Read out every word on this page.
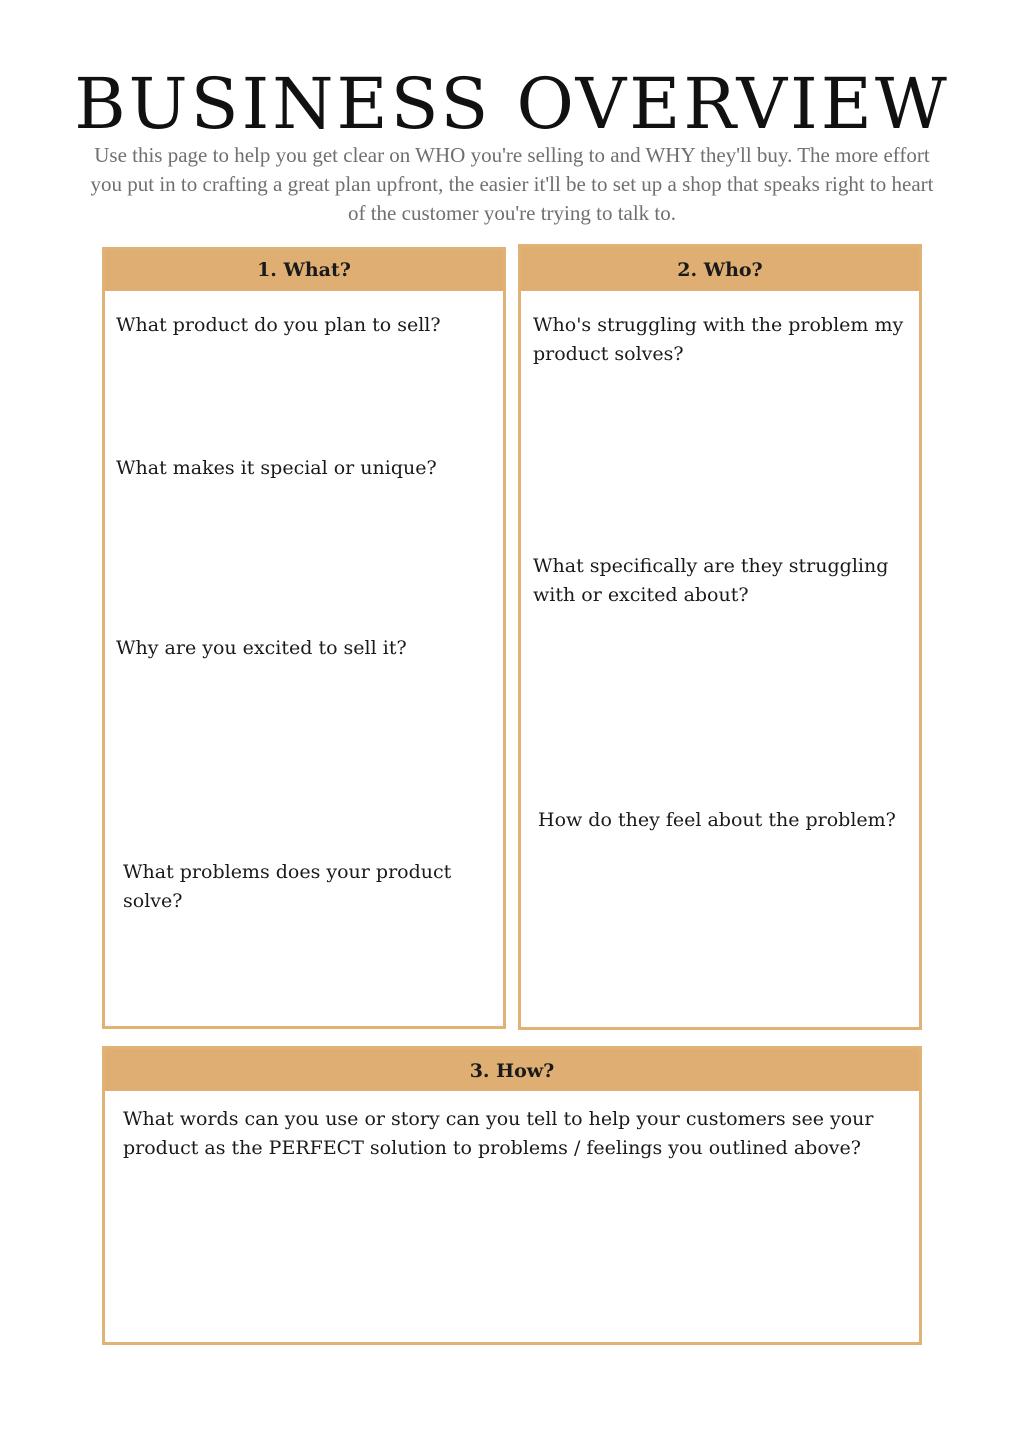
BUSINESS OVERVIEW

Use this page to help you get clear on WHO you're selling to and WHY they'll buy. The more effort you put in to crafting a great plan upfront, the easier it'll be to set up a shop that speaks right to heart of the customer you're trying to talk to.

1. What?

What product do you plan to sell?

What makes it special or unique?

Why are you excited to sell it?

What problems does your product solve?

2. Who?

Who's struggling with the problem my product solves?

What specifically are they struggling with or excited about?

How do they feel about the problem?

3. How?

What words can you use or story can you tell to help your customers see your product as the PERFECT solution to problems / feelings you outlined above?
